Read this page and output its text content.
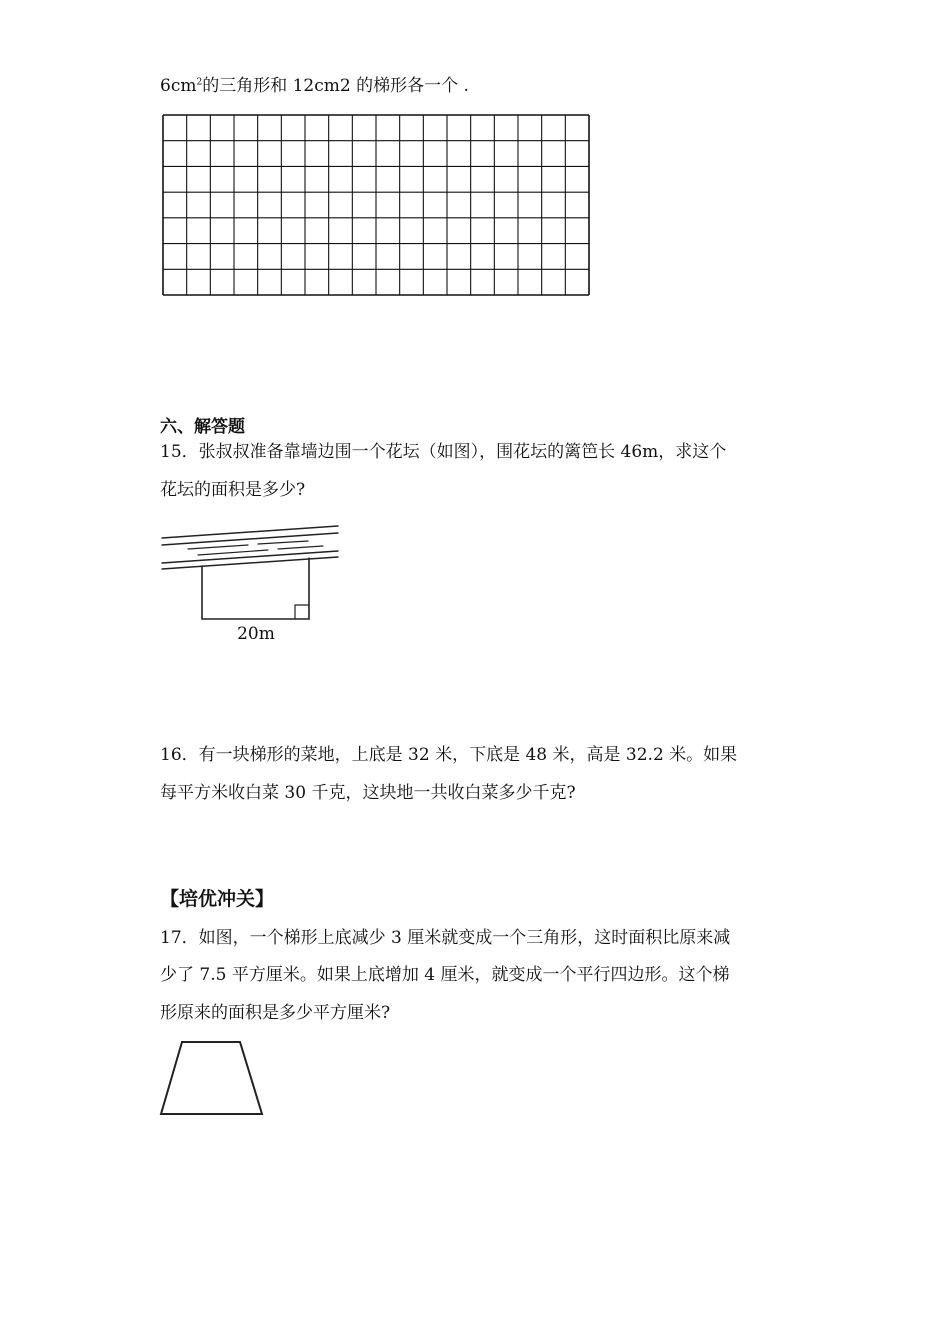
$6cm^2$的三角形和 12cm2 的梯形各一个 .

六、解答题

15．张叔叔准备靠墙边围一个花坛（如图），围花坛的篱笆长 46m，求这个

花坛的面积是多少?

20m

16．有一块梯形的菜地，上底是 32 米，下底是 48 米，高是 32.2 米。如果

每平方米收白菜 30 千克，这块地一共收白菜多少千克?

【培优冲关】

17．如图，一个梯形上底减少 3 厘米就变成一个三角形，这时面积比原来减

少了 7.5 平方厘米。如果上底增加 4 厘米，就变成一个平行四边形。这个梯

形原来的面积是多少平方厘米?
